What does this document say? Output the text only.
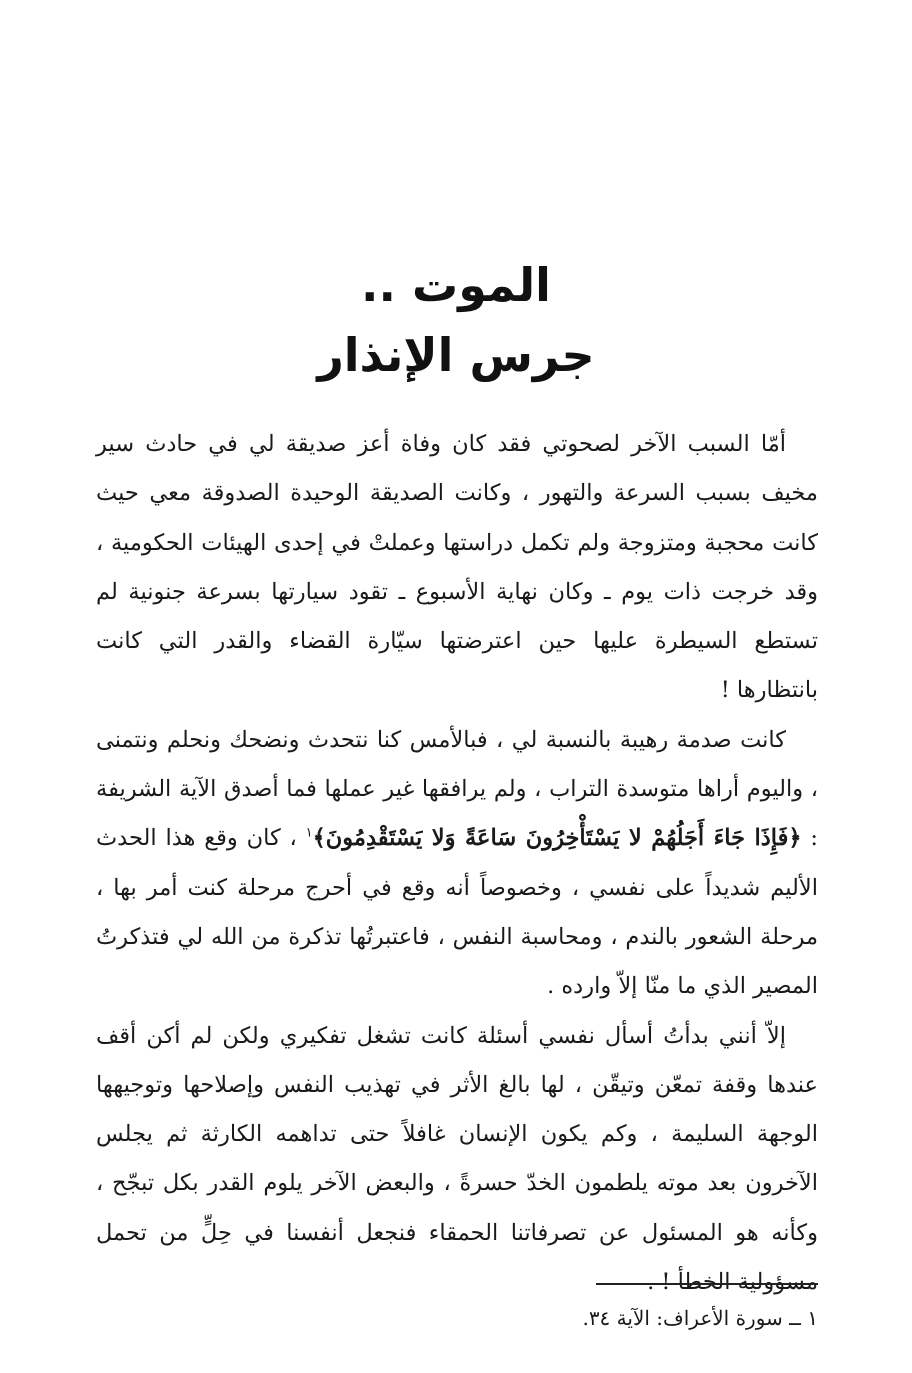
الموت ..
جرس الإنذار

أمّا السبب الآخر لصحوتي فقد كان وفاة أعز صديقة لي في حادث سير مخيف بسبب السرعة والتهور ، وكانت الصديقة الوحيدة الصدوقة معي حيث كانت محجبة ومتزوجة ولم تكمل دراستها وعملتْ في إحدى الهيئات الحكومية ، وقد خرجت ذات يوم ـ وكان نهاية الأسبوع ـ تقود سيارتها بسرعة جنونية لم تستطع السيطرة عليها حين اعترضتها سيّارة القضاء والقدر التي كانت بانتظارها !

كانت صدمة رهيبة بالنسبة لي ، فبالأمس كنا نتحدث ونضحك ونحلم ونتمنى ، واليوم أراها متوسدة التراب ، ولم يرافقها غير عملها فما أصدق الآية الشريفة : ﴿فَإِذَا جَاءَ أَجَلُهُمْ لا يَسْتَأْخِرُونَ سَاعَةً وَلا يَسْتَقْدِمُونَ﴾$^١$ ، كان وقع هذا الحدث الأليم شديداً على نفسي ، وخصوصاً أنه وقع في أحرج مرحلة كنت أمر بها ، مرحلة الشعور بالندم ، ومحاسبة النفس ، فاعتبرتُها تذكرة من الله لي فتذكرتُ المصير الذي ما منّا إلاّ وارده .

إلاّ أنني بدأتُ أسأل نفسي أسئلة كانت تشغل تفكيري ولكن لم أكن أقف عندها وقفة تمعّن وتيقّن ، لها بالغ الأثر في تهذيب النفس وإصلاحها وتوجيهها الوجهة السليمة ، وكم يكون الإنسان غافلاً حتى تداهمه الكارثة ثم يجلس الآخرون بعد موته يلطمون الخدّ حسرةً ، والبعض الآخر يلوم القدر بكل تبجّح ، وكأنه هو المسئول عن تصرفاتنا الحمقاء فنجعل أنفسنا في حِلٍّ من تحمل مسؤولية الخطأ ! .

١ ــ سورة الأعراف: الآية ٣٤.
